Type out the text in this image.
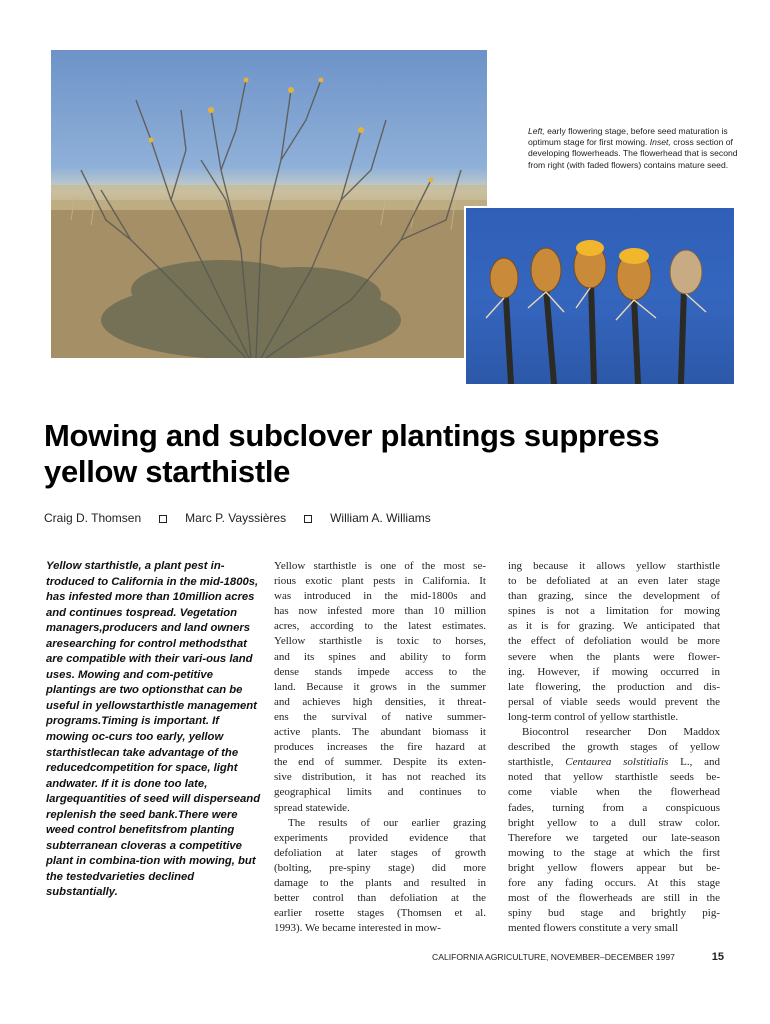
Left, early flowering stage, before seed maturation is optimum stage for first mowing. Inset, cross section of developing flowerheads. The flowerhead that is second from right (with faded flowers) contains mature seed.
Mowing and subclover plantings suppress yellow starthistle
Craig D. Thomsen	Marc P. Vayssières	William A. Williams
Yellow starthistle, a plant pest in-troduced to California in the mid-1800s, has infested more than 10million acres and continues tospread. Vegetation managers,producers and land owners aresearching for control methodsthat are compatible with their vari-ous land uses. Mowing and com-petitive plantings are two optionsthat can be useful in yellowstarthistle management programs.Timing is important. If mowing oc-curs too early, yellow starthistlecan take advantage of the reducedcompetition for space, light andwater. If it is done too late, largequantities of seed will disperseand replenish the seed bank.There were weed control benefitsfrom planting subterranean cloveras a competitive plant in combina-tion with mowing, but the testedvarieties declined substantially.
Yellow starthistle is one of the most se-
rious exotic plant pests in California. It
was introduced in the mid-1800s and
has now infested more than 10 million
acres, according to the latest estimates.
Yellow starthistle is toxic to horses,
and its spines and ability to form
dense stands impede access to the
land. Because it grows in the summer
and achieves high densities, it threat-
ens the survival of native summer-
active plants. The abundant biomass it
produces increases the fire hazard at
the end of summer. Despite its exten-
sive distribution, it has not reached its
geographical limits and continues to
spread statewide.
The results of our earlier grazing
experiments provided evidence that
defoliation at later stages of growth
(bolting, pre-spiny stage) did more
damage to the plants and resulted in
better control than defoliation at the
earlier rosette stages (Thomsen et al.
1993). We became interested in mow-
ing because it allows yellow starthistle
to be defoliated at an even later stage
than grazing, since the development of
spines is not a limitation for mowing
as it is for grazing. We anticipated that
the effect of defoliation would be more
severe when the plants were flower-
ing. However, if mowing occurred in
late flowering, the production and dis-
persal of viable seeds would prevent the
long-term control of yellow starthistle.
Biocontrol researcher Don Maddox
described the growth stages of yellow
starthistle, Centaurea solstitialis L., and
noted that yellow starthistle seeds be-
come viable when the flowerhead
fades, turning from a conspicuous
bright yellow to a dull straw color.
Therefore we targeted our late-season
mowing to the stage at which the first
bright yellow flowers appear but be-
fore any fading occurs. At this stage
most of the flowerheads are still in the
spiny bud stage and brightly pig-
mented flowers constitute a very small
CALIFORNIA AGRICULTURE, NOVEMBER–DECEMBER 1997	15
